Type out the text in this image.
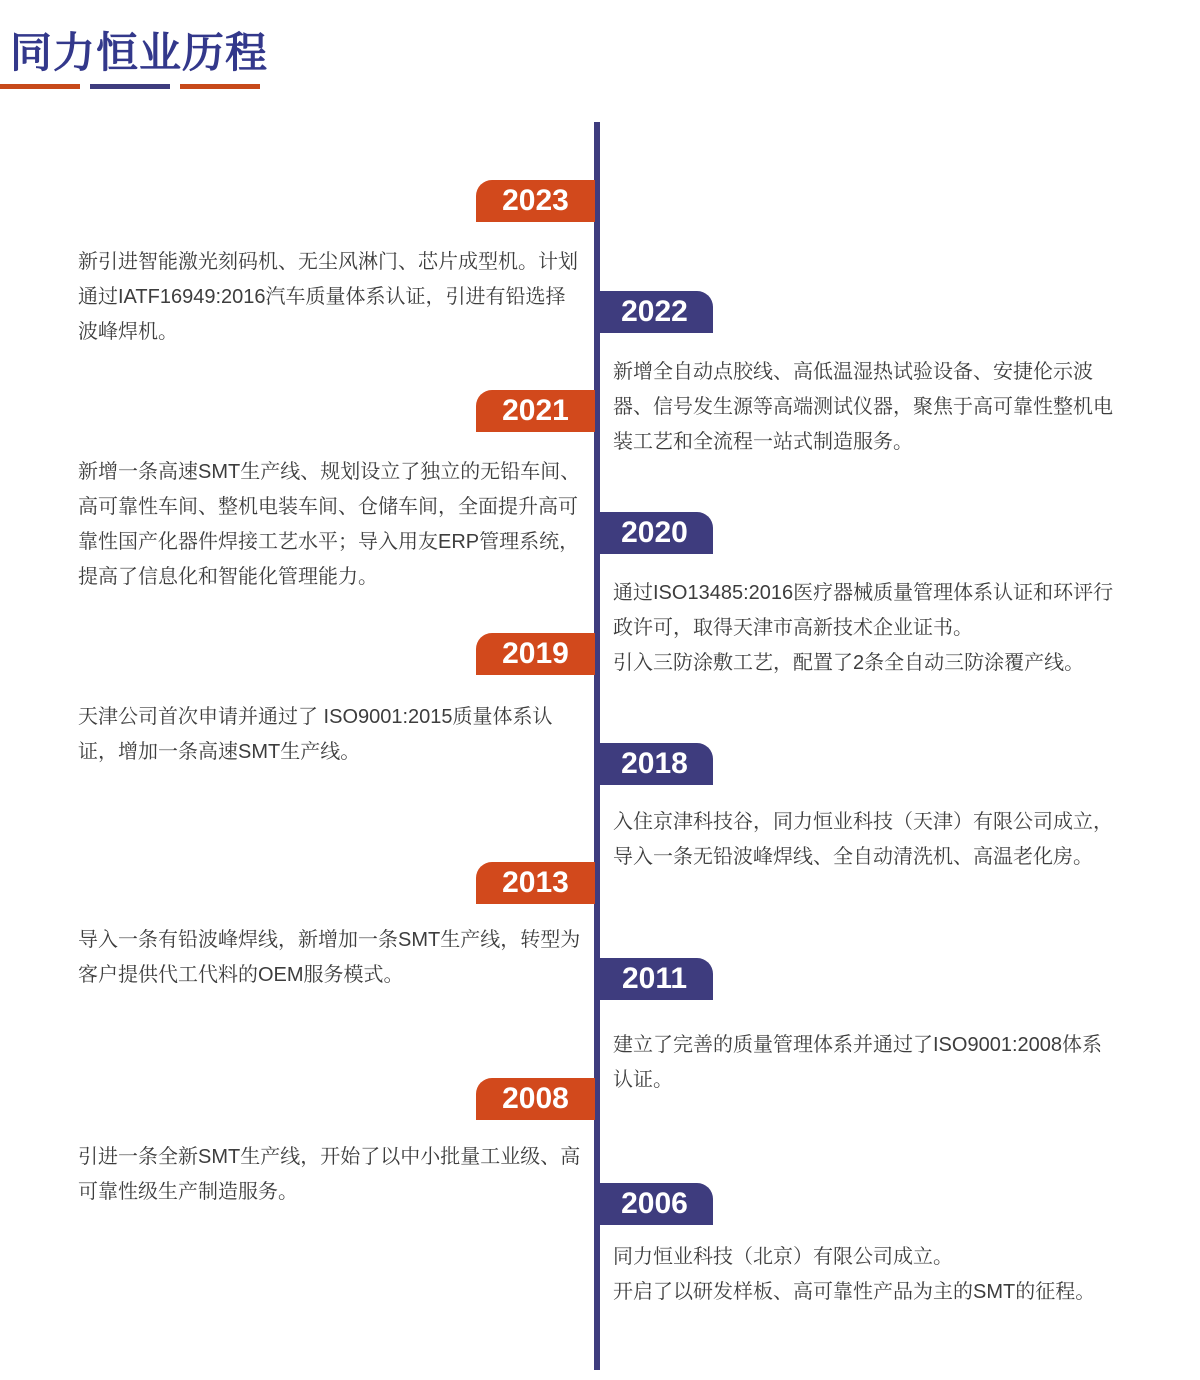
同力恒业历程
2023
新引进智能激光刻码机、无尘风淋门、芯片成型机。计划通过IATF16949:2016汽车质量体系认证，引进有铅选择波峰焊机。
2022
新增全自动点胶线、高低温湿热试验设备、安捷伦示波器、信号发生源等高端测试仪器，聚焦于高可靠性整机电装工艺和全流程一站式制造服务。
2021
新增一条高速SMT生产线、规划设立了独立的无铅车间、高可靠性车间、整机电装车间、仓储车间，全面提升高可靠性国产化器件焊接工艺水平；导入用友ERP管理系统，提高了信息化和智能化管理能力。
2020
通过ISO13485:2016医疗器械质量管理体系认证和环评行政许可，取得天津市高新技术企业证书。
引入三防涂敷工艺，配置了2条全自动三防涂覆产线。
2019
天津公司首次申请并通过了 ISO9001:2015质量体系认证，增加一条高速SMT生产线。	2018
入住京津科技谷，同力恒业科技（天津）有限公司成立，导入一条无铅波峰焊线、全自动清洗机、高温老化房。
2013
导入一条有铅波峰焊线，新增加一条SMT生产线，转型为客户提供代工代料的OEM服务模式。	2011
建立了完善的质量管理体系并通过了ISO9001:2008体系认证。
2008
引进一条全新SMT生产线，开始了以中小批量工业级、高可靠性级生产制造服务。	2006
同力恒业科技（北京）有限公司成立。
开启了以研发样板、高可靠性产品为主的SMT的征程。
